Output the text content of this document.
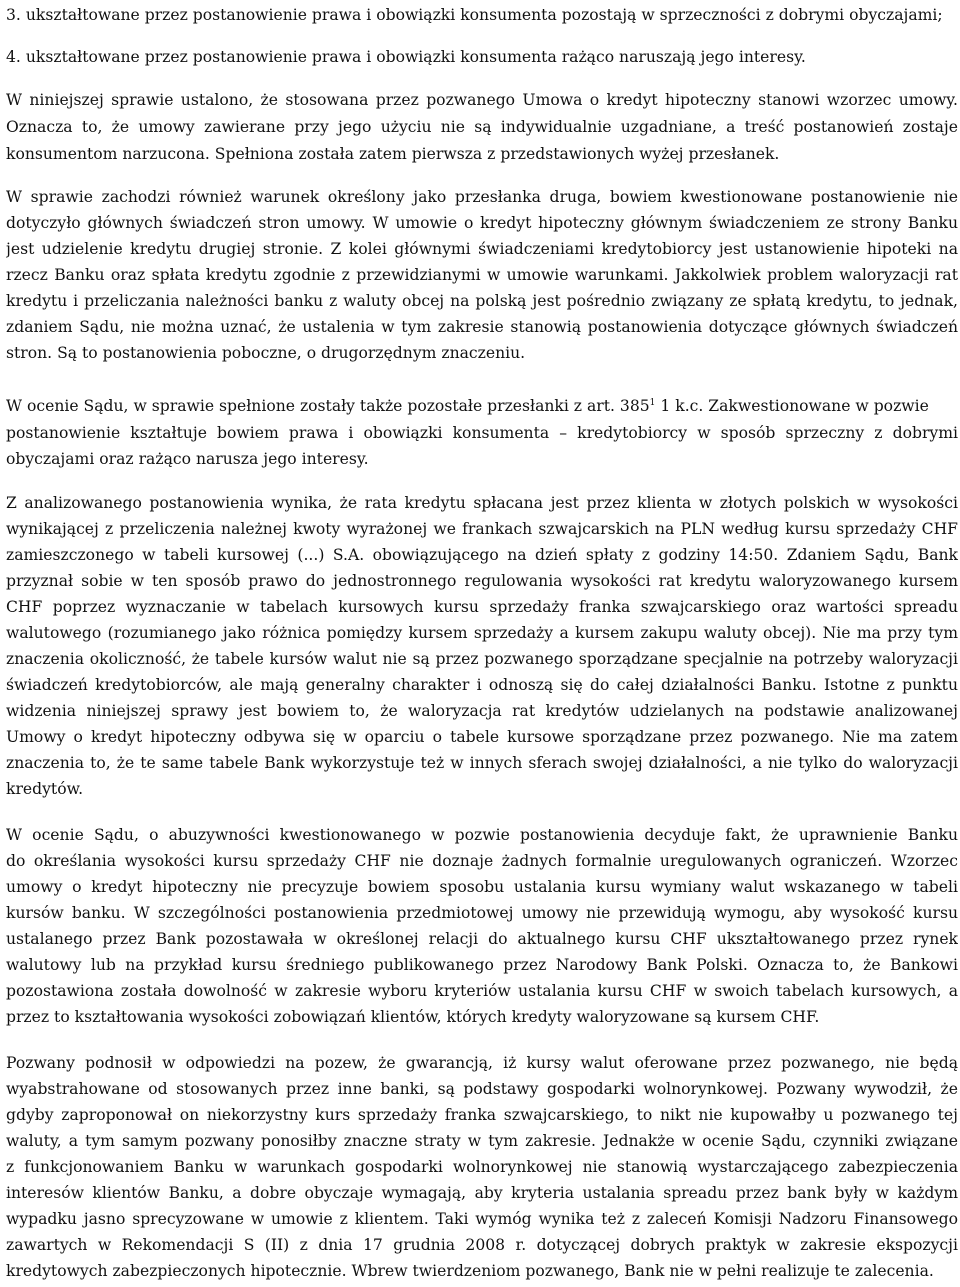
3. ukształtowane przez postanowienie prawa i obowiązki konsumenta pozostają w sprzeczności z dobrymi obyczajami;
4. ukształtowane przez postanowienie prawa i obowiązki konsumenta rażąco naruszają jego interesy.
W niniejszej sprawie ustalono, że stosowana przez pozwanego Umowa o kredyt hipoteczny stanowi wzorzec umowy.
Oznacza to, że umowy zawierane przy jego użyciu nie są indywidualnie uzgadniane, a treść postanowień zostaje
konsumentom narzucona. Spełniona została zatem pierwsza z przedstawionych wyżej przesłanek.
W sprawie zachodzi również warunek określony jako przesłanka druga, bowiem kwestionowane postanowienie nie
dotyczyło głównych świadczeń stron umowy. W umowie o kredyt hipoteczny głównym świadczeniem ze strony Banku
jest udzielenie kredytu drugiej stronie. Z kolei głównymi świadczeniami kredytobiorcy jest ustanowienie hipoteki na
rzecz Banku oraz spłata kredytu zgodnie z przewidzianymi w umowie warunkami. Jakkolwiek problem waloryzacji rat
kredytu i przeliczania należności banku z waluty obcej na polską jest pośrednio związany ze spłatą kredytu, to jednak,
zdaniem Sądu, nie można uznać, że ustalenia w tym zakresie stanowią postanowienia dotyczące głównych świadczeń
stron. Są to postanowienia poboczne, o drugorzędnym znaczeniu.
W ocenie Sądu, w sprawie spełnione zostały także pozostałe przesłanki z art. $385^1$ 1 k.c. Zakwestionowane w pozwie
postanowienie kształtuje bowiem prawa i obowiązki konsumenta – kredytobiorcy w sposób sprzeczny z dobrymi
obyczajami oraz rażąco narusza jego interesy.
Z analizowanego postanowienia wynika, że rata kredytu spłacana jest przez klienta w złotych polskich w wysokości
wynikającej z przeliczenia należnej kwoty wyrażonej we frankach szwajcarskich na PLN według kursu sprzedaży CHF
zamieszczonego w tabeli kursowej (...) S.A. obowiązującego na dzień spłaty z godziny 14:50. Zdaniem Sądu, Bank
przyznał sobie w ten sposób prawo do jednostronnego regulowania wysokości rat kredytu waloryzowanego kursem
CHF poprzez wyznaczanie w tabelach kursowych kursu sprzedaży franka szwajcarskiego oraz wartości spreadu
walutowego (rozumianego jako różnica pomiędzy kursem sprzedaży a kursem zakupu waluty obcej). Nie ma przy tym
znaczenia okoliczność, że tabele kursów walut nie są przez pozwanego sporządzane specjalnie na potrzeby waloryzacji
świadczeń kredytobiorców, ale mają generalny charakter i odnoszą się do całej działalności Banku. Istotne z punktu
widzenia niniejszej sprawy jest bowiem to, że waloryzacja rat kredytów udzielanych na podstawie analizowanej
Umowy o kredyt hipoteczny odbywa się w oparciu o tabele kursowe sporządzane przez pozwanego. Nie ma zatem
znaczenia to, że te same tabele Bank wykorzystuje też w innych sferach swojej działalności, a nie tylko do waloryzacji
kredytów.
W ocenie Sądu, o abuzywności kwestionowanego w pozwie postanowienia decyduje fakt, że uprawnienie Banku
do określania wysokości kursu sprzedaży CHF nie doznaje żadnych formalnie uregulowanych ograniczeń. Wzorzec
umowy o kredyt hipoteczny nie precyzuje bowiem sposobu ustalania kursu wymiany walut wskazanego w tabeli
kursów banku. W szczególności postanowienia przedmiotowej umowy nie przewidują wymogu, aby wysokość kursu
ustalanego przez Bank pozostawała w określonej relacji do aktualnego kursu CHF ukształtowanego przez rynek
walutowy lub na przykład kursu średniego publikowanego przez Narodowy Bank Polski. Oznacza to, że Bankowi
pozostawiona została dowolność w zakresie wyboru kryteriów ustalania kursu CHF w swoich tabelach kursowych, a
przez to kształtowania wysokości zobowiązań klientów, których kredyty waloryzowane są kursem CHF.
Pozwany podnosił w odpowiedzi na pozew, że gwarancją, iż kursy walut oferowane przez pozwanego, nie będą
wyabstrahowane od stosowanych przez inne banki, są podstawy gospodarki wolnorynkowej. Pozwany wywodził, że
gdyby zaproponował on niekorzystny kurs sprzedaży franka szwajcarskiego, to nikt nie kupowałby u pozwanego tej
waluty, a tym samym pozwany ponosiłby znaczne straty w tym zakresie. Jednakże w ocenie Sądu, czynniki związane
z funkcjonowaniem Banku w warunkach gospodarki wolnorynkowej nie stanowią wystarczającego zabezpieczenia
interesów klientów Banku, a dobre obyczaje wymagają, aby kryteria ustalania spreadu przez bank były w każdym
wypadku jasno sprecyzowane w umowie z klientem. Taki wymóg wynika też z zaleceń Komisji Nadzoru Finansowego
zawartych w Rekomendacji S (II) z dnia 17 grudnia 2008 r. dotyczącej dobrych praktyk w zakresie ekspozycji
kredytowych zabezpieczonych hipotecznie. Wbrew twierdzeniom pozwanego, Bank nie w pełni realizuje te zalecenia.
